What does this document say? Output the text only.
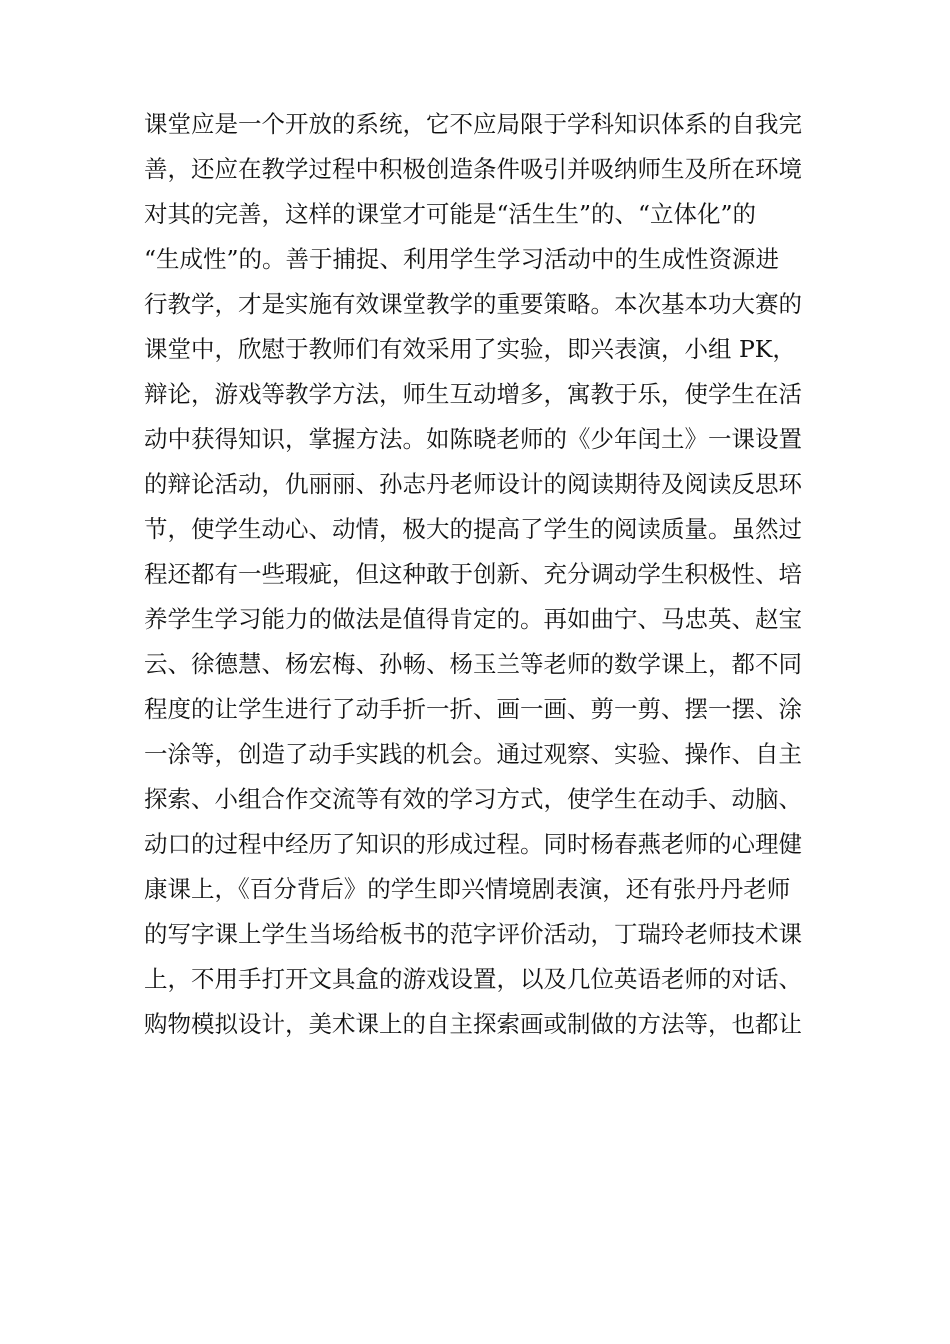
课堂应是一个开放的系统，它不应局限于学科知识体系的自我完
善，还应在教学过程中积极创造条件吸引并吸纳师生及所在环境
对其的完善，这样的课堂才可能是“活生生”的、“立体化”的
“生成性”的。善于捕捉、利用学生学习活动中的生成性资源进
行教学，才是实施有效课堂教学的重要策略。本次基本功大赛的
课堂中，欣慰于教师们有效采用了实验，即兴表演，小组 PK，
辩论，游戏等教学方法，师生互动增多，寓教于乐，使学生在活
动中获得知识，掌握方法。如陈晓老师的《少年闰土》一课设置
的辩论活动，仇丽丽、孙志丹老师设计的阅读期待及阅读反思环
节，使学生动心、动情，极大的提高了学生的阅读质量。虽然过
程还都有一些瑕疵，但这种敢于创新、充分调动学生积极性、培
养学生学习能力的做法是值得肯定的。再如曲宁、马忠英、赵宝
云、徐德慧、杨宏梅、孙畅、杨玉兰等老师的数学课上，都不同
程度的让学生进行了动手折一折、画一画、剪一剪、摆一摆、涂
一涂等，创造了动手实践的机会。通过观察、实验、操作、自主
探索、小组合作交流等有效的学习方式，使学生在动手、动脑、
动口的过程中经历了知识的形成过程。同时杨春燕老师的心理健
康课上，《百分背后》的学生即兴情境剧表演，还有张丹丹老师
的写字课上学生当场给板书的范字评价活动，丁瑞玲老师技术课
上，不用手打开文具盒的游戏设置，以及几位英语老师的对话、
购物模拟设计，美术课上的自主探索画或制做的方法等，也都让
